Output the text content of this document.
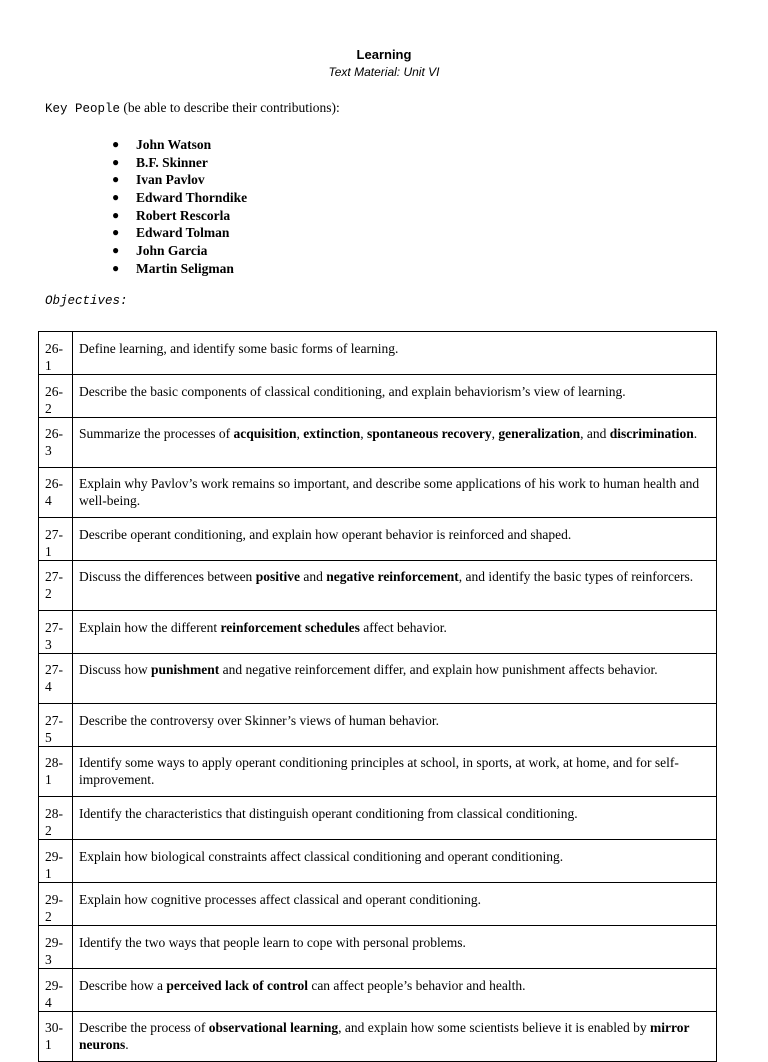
Learning
Text Material: Unit VI
Key People (be able to describe their contributions):
●	John Watson
●	B.F. Skinner
●	Ivan Pavlov
●	Edward Thorndike
●	Robert Rescorla
●	Edward Tolman
●	John Garcia
●	Martin Seligman
Objectives:
26-1	Define learning, and identify some basic forms of learning.
26-2	Describe the basic components of classical conditioning, and explain behaviorism’s view of learning.
26-3	Summarize the processes of acquisition, extinction, spontaneous recovery, generalization, and discrimination.
26-4	Explain why Pavlov’s work remains so important, and describe some applications of his work to human health and well-being.
27-1	Describe operant conditioning, and explain how operant behavior is reinforced and shaped.
27-2	Discuss the differences between positive and negative reinforcement, and identify the basic types of reinforcers.
27-3	Explain how the different reinforcement schedules affect behavior.
27-4	Discuss how punishment and negative reinforcement differ, and explain how punishment affects behavior.
27-5	Describe the controversy over Skinner’s views of human behavior.
28-1	Identify some ways to apply operant conditioning principles at school, in sports, at work, at home, and for self-improvement.
28-2	Identify the characteristics that distinguish operant conditioning from classical conditioning.
29-1	Explain how biological constraints affect classical conditioning and operant conditioning.
29-2	Explain how cognitive processes affect classical and operant conditioning.
29-3	Identify the two ways that people learn to cope with personal problems.
29-4	Describe how a perceived lack of control can affect people’s behavior and health.
30-1	Describe the process of observational learning, and explain how some scientists believe it is enabled by mirror neurons.
